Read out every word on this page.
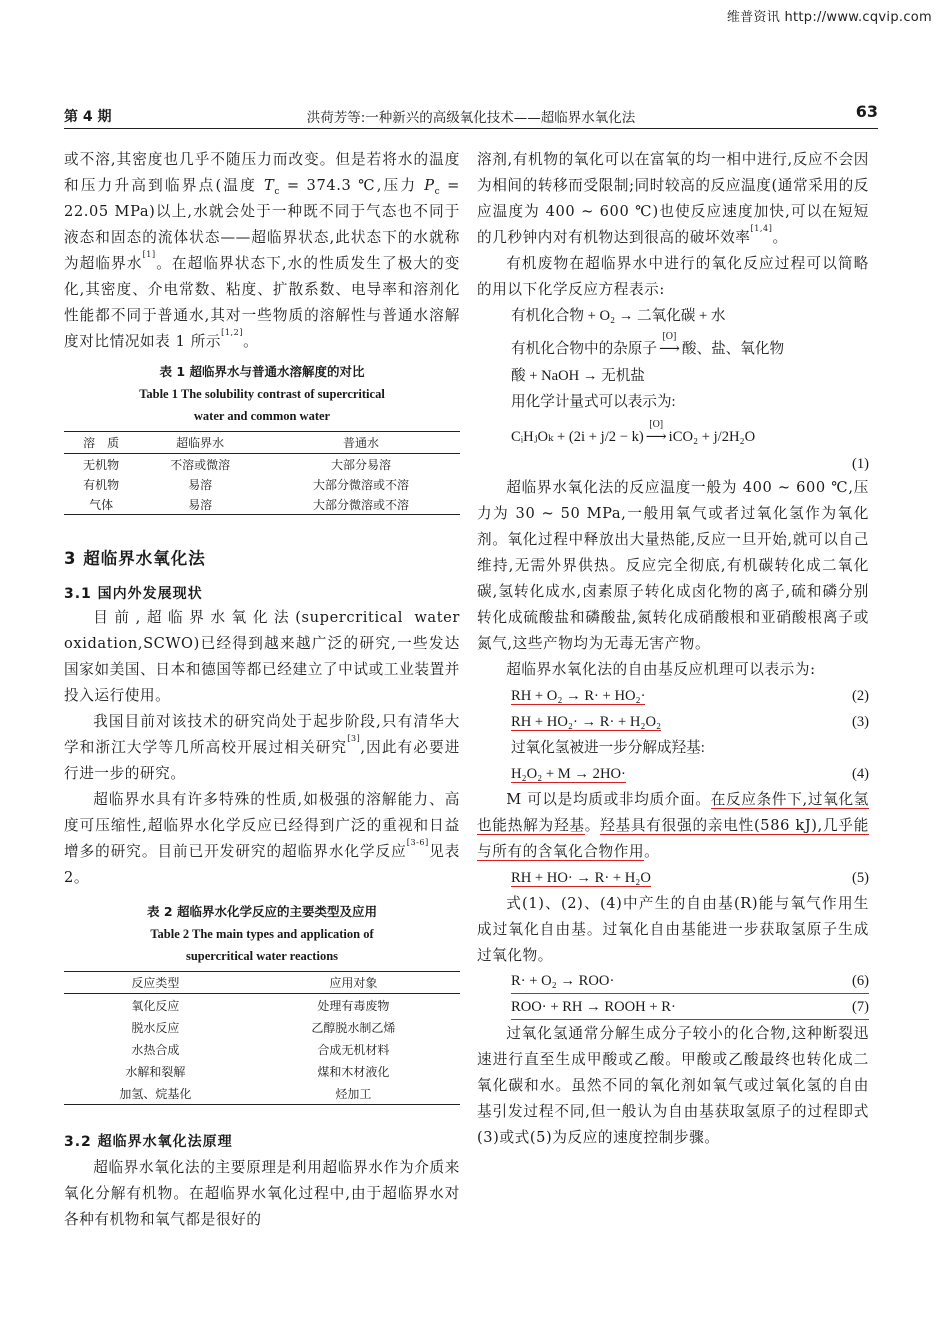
维普资讯 http://www.cqvip.com
第 4 期	洪荷芳等:一种新兴的高级氧化技术——超临界水氧化法	63

或不溶,其密度也几乎不随压力而改变。但是若将水的温度和压力升高到临界点(温度 $T_c = 374.3$ ℃,压力 $P_c = 22.05$ MPa)以上,水就会处于一种既不同于气态也不同于液态和固态的流体状态——超临界状态,此状态下的水就称为超临界水[1]。在超临界状态下,水的性质发生了极大的变化,其密度、介电常数、粘度、扩散系数、电导率和溶剂化性能都不同于普通水,其对一些物质的溶解性与普通水溶解度对比情况如表 1 所示[1,2]。

表 1 超临界水与普通水溶解度的对比
Table 1 The solubility contrast of supercritical
water and common water
溶　质	超临界水	普通水
无机物	不溶或微溶	大部分易溶
有机物	易溶	大部分微溶或不溶
气体	易溶	大部分微溶或不溶
3 超临界水氧化法
3.1 国内外发展现状

目前,超临界水氧化法(supercritical water oxidation,SCWO)已经得到越来越广泛的研究,一些发达国家如美国、日本和德国等都已经建立了中试或工业装置并投入运行使用。

我国目前对该技术的研究尚处于起步阶段,只有清华大学和浙江大学等几所高校开展过相关研究[3],因此有必要进行进一步的研究。

超临界水具有许多特殊的性质,如极强的溶解能力、高度可压缩性,超临界水化学反应已经得到广泛的重视和日益增多的研究。目前已开发研究的超临界水化学反应[3-6]见表 2。

表 2 超临界水化学反应的主要类型及应用
Table 2 The main types and application of
supercritical water reactions
反应类型	应用对象
氧化反应	处理有毒废物
脱水反应	乙醇脱水制乙烯
水热合成	合成无机材料
水解和裂解	煤和木材液化
加氢、烷基化	烃加工
3.2 超临界水氧化法原理

超临界水氧化法的主要原理是利用超临界水作为介质来氧化分解有机物。在超临界水氧化过程中,由于超临界水对各种有机物和氧气都是很好的

溶剂,有机物的氧化可以在富氧的均一相中进行,反应不会因为相间的转移而受限制;同时较高的反应温度(通常采用的反应温度为 400 ~ 600 ℃)也使反应速度加快,可以在短短的几秒钟内对有机物达到很高的破坏效率[1,4]。

有机废物在超临界水中进行的氧化反应过程可以简略的用以下化学反应方程表示:

有机化合物 + O₂ → 二氧化碳 + 水
有机化合物中的杂原子
[O]
⟶ 酸、盐、氧化物
酸 + NaOH → 无机盐
用化学计量式可以表示为:
CᵢHⱼOₖ + (2i + j/2 − k)
[O]
⟶ iCO₂ + j/2H₂O
(1)

超临界水氧化法的反应温度一般为 400 ~ 600 ℃,压力为 30 ~ 50 MPa,一般用氧气或者过氧化氢作为氧化剂。氧化过程中释放出大量热能,反应一旦开始,就可以自己维持,无需外界供热。反应完全彻底,有机碳转化成二氧化碳,氢转化成水,卤素原子转化成卤化物的离子,硫和磷分别转化成硫酸盐和磷酸盐,氮转化成硝酸根和亚硝酸根离子或氮气,这些产物均为无毒无害产物。

超临界水氧化法的自由基反应机理可以表示为:

RH + O₂ → R· + HO₂·	(2)
RH + HO₂· → R· + H₂O₂	(3)
过氧化氢被进一步分解成羟基:
H₂O₂ + M → 2HO·	(4)

M 可以是均质或非均质介面。在反应条件下,过氧化氢也能热解为羟基。羟基具有很强的亲电性(586 kJ),几乎能与所有的含氧化合物作用。

RH + HO· → R· + H₂O	(5)

式(1)、(2)、(4)中产生的自由基(R)能与氧气作用生成过氧化自由基。过氧化自由基能进一步获取氢原子生成过氧化物。

R· + O₂ → ROO·	(6)
ROO· + RH → ROOH + R·	(7)

过氧化氢通常分解生成分子较小的化合物,这种断裂迅速进行直至生成甲酸或乙酸。甲酸或乙酸最终也转化成二氧化碳和水。虽然不同的氧化剂如氧气或过氧化氢的自由基引发过程不同,但一般认为自由基获取氢原子的过程即式(3)或式(5)为反应的速度控制步骤。
